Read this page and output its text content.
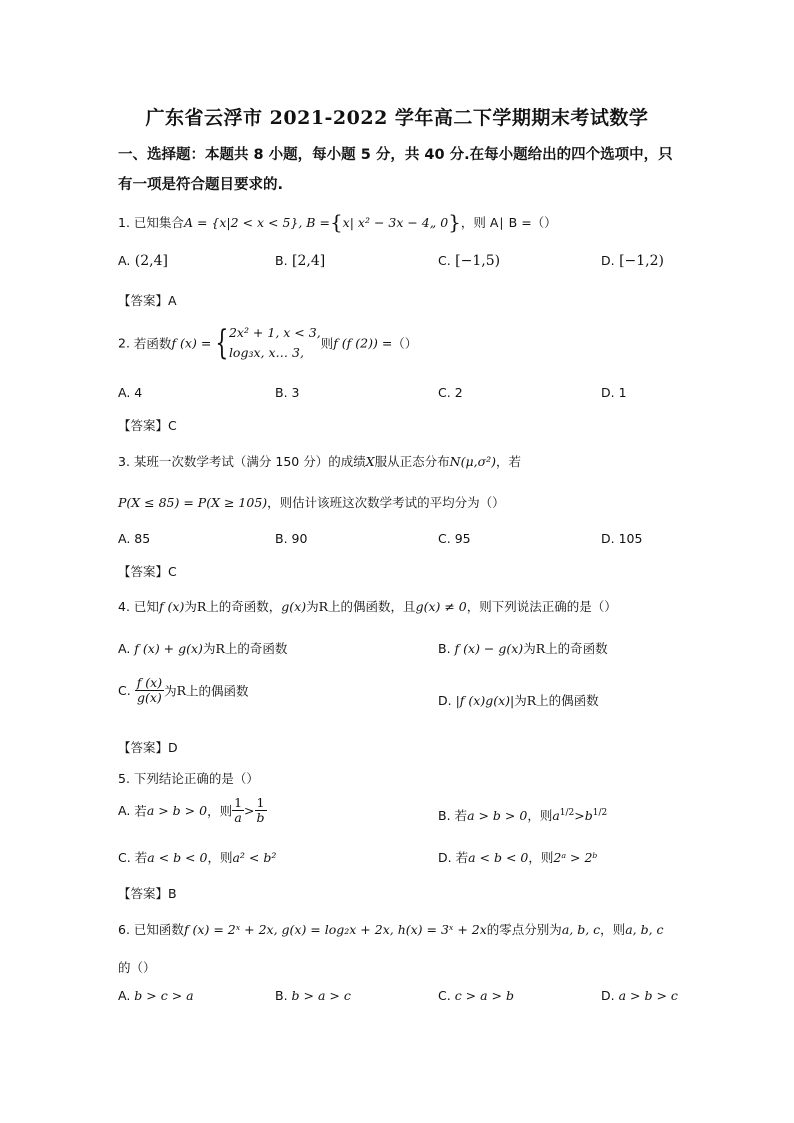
广东省云浮市 2021-2022 学年高二下学期期末考试数学
一、选择题：本题共 8 小题，每小题 5 分，共 40 分.在每小题给出的四个选项中，只
有一项是符合题目要求的.
1. 已知集合A = {x|2 < x < 5}, B ={x| x² − 3x − 4„ 0}，则 A∣ B =（）
A. (2,4]	B. [2,4]	C. [−1,5)	D. [−1,2)
【答案】A
2. 若函数f (x) = { 2x² + 1, x < 3,
log₃x, x… 3,
则f (f (2)) =（）
A. 4	B. 3	C. 2	D. 1
【答案】C
3. 某班一次数学考试（满分 150 分）的成绩X服从正态分布N(μ,σ²)，若
P(X ≤ 85) = P(X ≥ 105)，则估计该班这次数学考试的平均分为（）
A. 85	B. 90	C. 95	D. 105
【答案】C
4. 已知f (x)为R上的奇函数，g(x)为R上的偶函数，且g(x) ≠ 0，则下列说法正确的是（）
A. f (x) + g(x)为R上的奇函数	B. f (x) − g(x)为R上的奇函数
C. $\frac{f (x)}{g(x)}$ 为R上的偶函数
D. |f (x)g(x)|为R上的偶函数
【答案】D
5. 下列结论正确的是（）
A. 若a > b > 0，则 $\frac{1}{a} > \frac{1}{b}$	B. 若a > b > 0，则$a^{1/2}>b^{1/2}$
C. 若a < b < 0，则a² < b²	D. 若a < b < 0，则2ᵃ > 2ᵇ
【答案】B
6. 已知函数f (x) = 2ˣ + 2x, g(x) = log₂x + 2x, h(x) = 3ˣ + 2x的零点分别为a, b, c，则a, b, c
的（）
A. b > c > a	B. b > a > c	C. c > a > b	D. a > b > c
